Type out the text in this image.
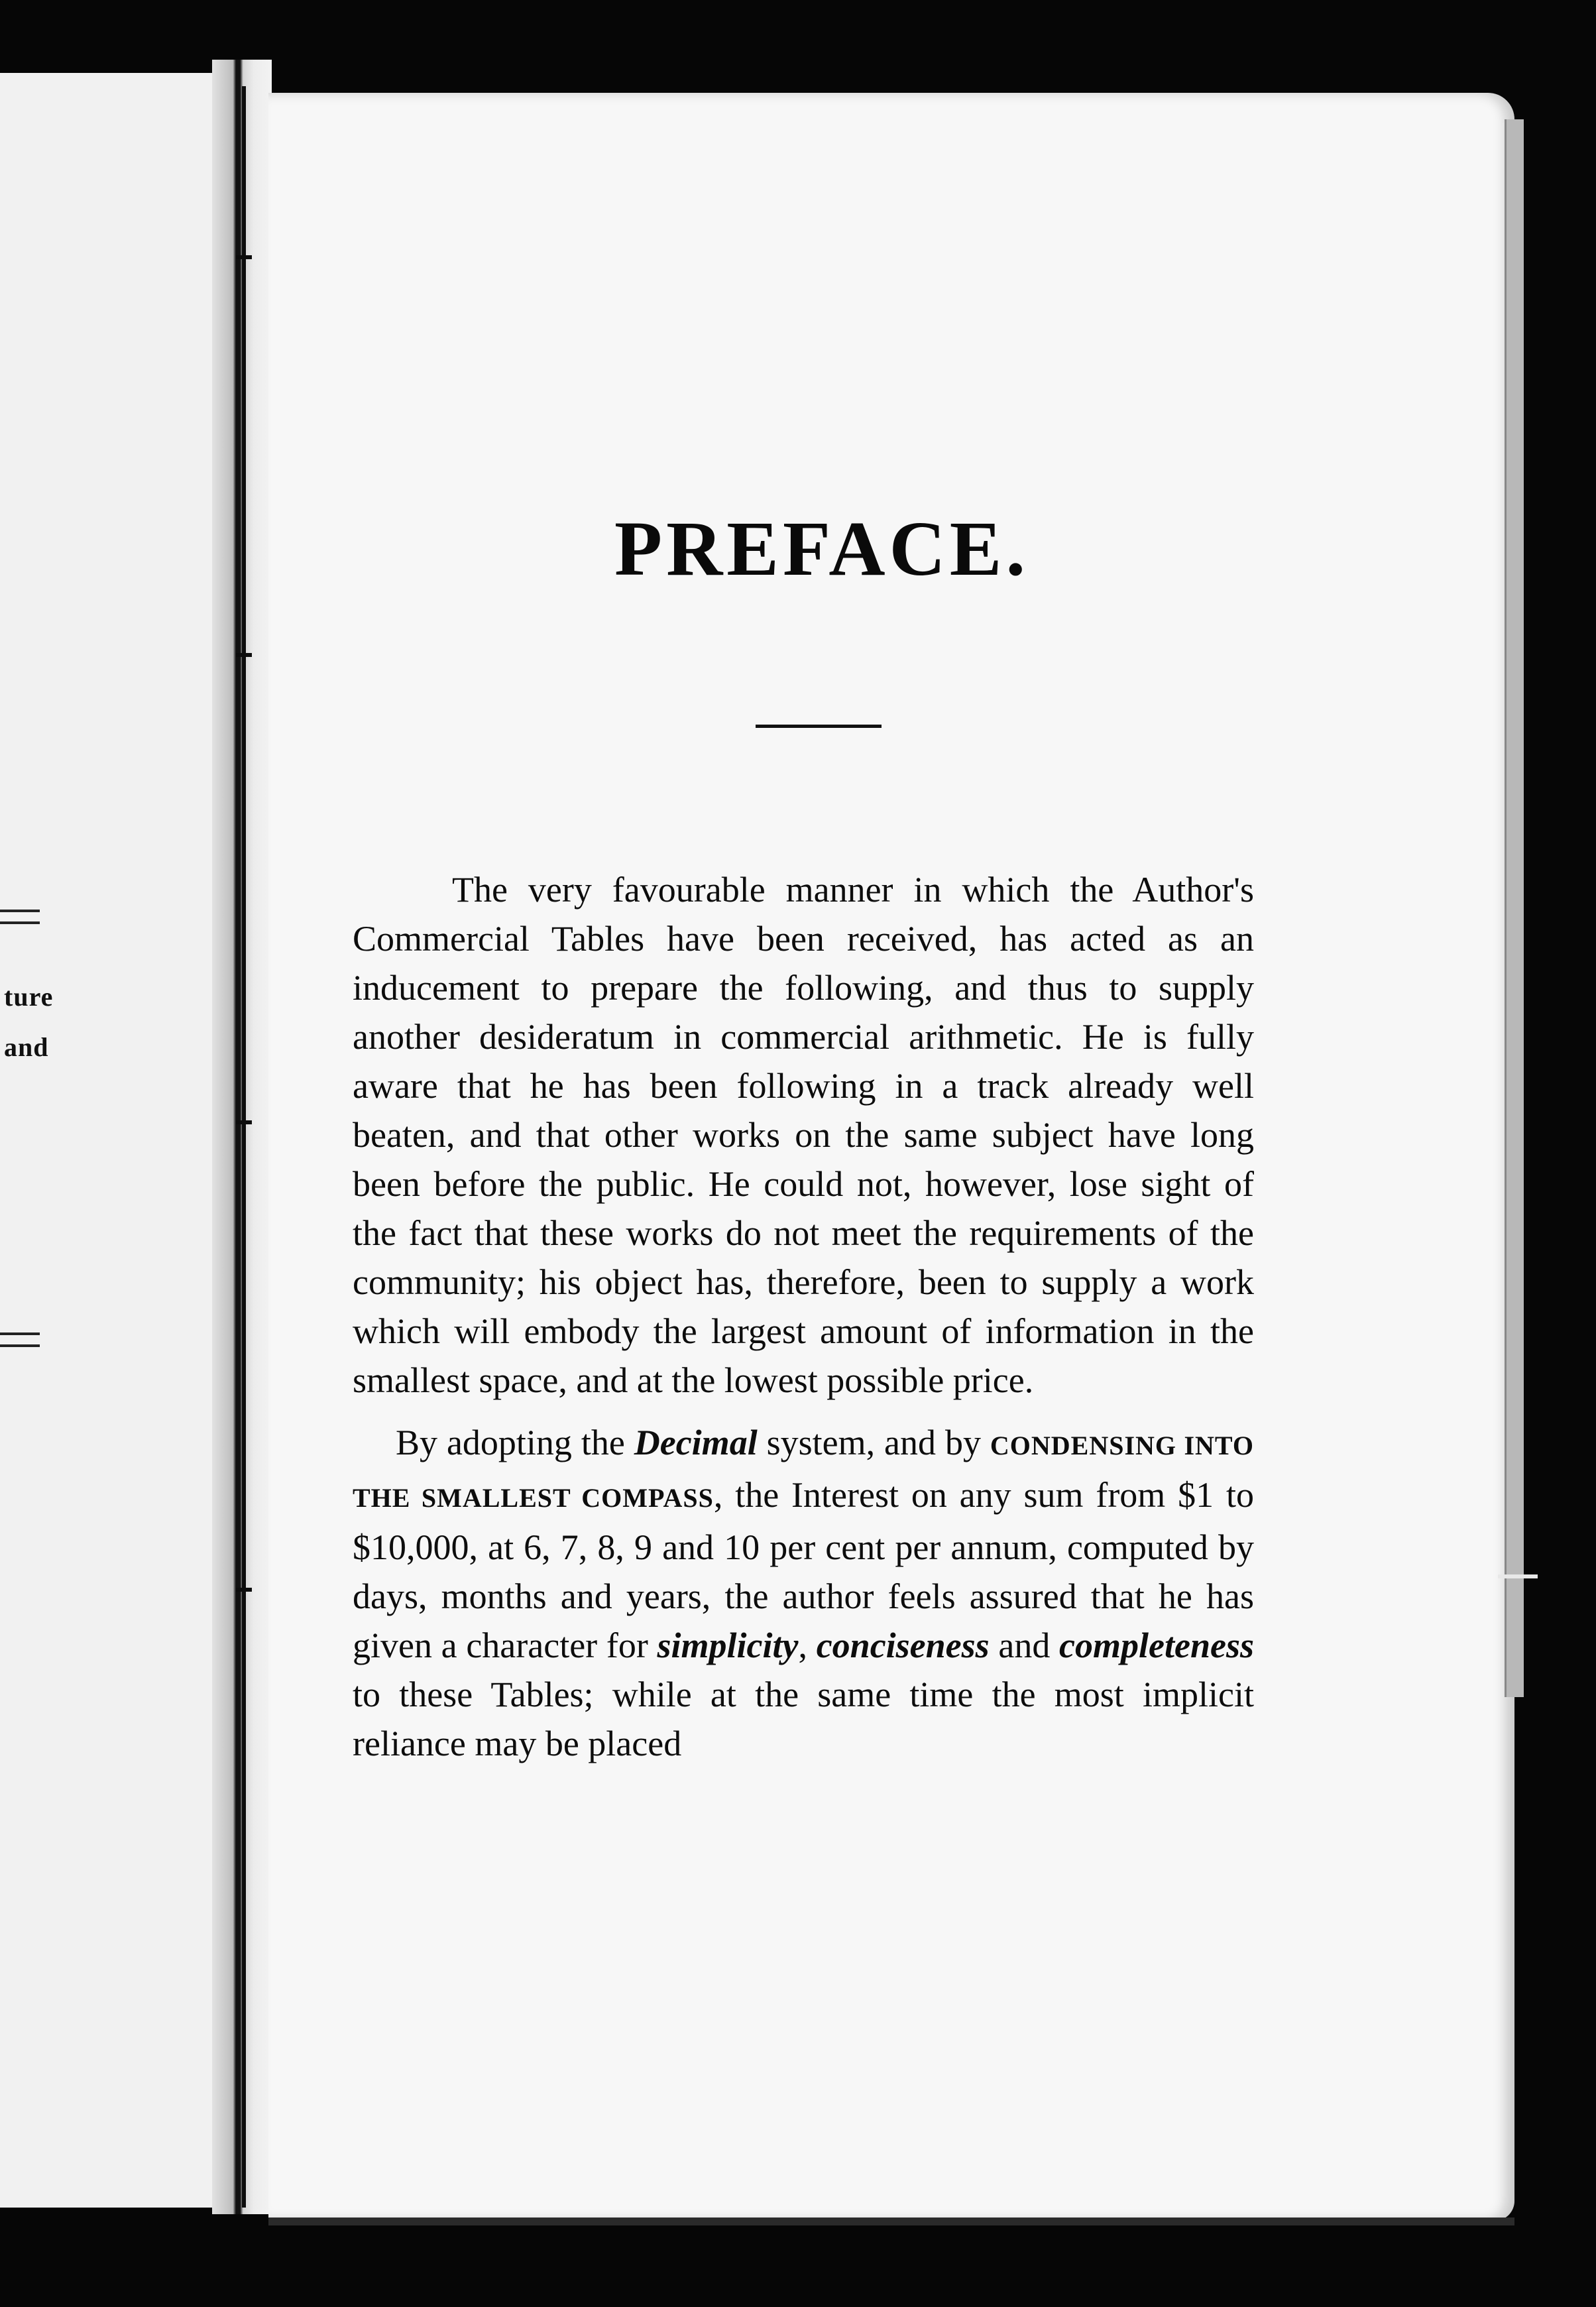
ture
and
PREFACE.

The very favourable manner in which the Author's Commercial Tables have been received, has acted as an inducement to prepare the following, and thus to supply another desideratum in commercial arithmetic. He is fully aware that he has been following in a track already well beaten, and that other works on the same subject have long been before the public. He could not, however, lose sight of the fact that these works do not meet the requirements of the community; his object has, therefore, been to supply a work which will embody the largest amount of information in the smallest space, and at the lowest possible price.

By adopting the Decimal system, and by CONDENSING INTO THE SMALLEST COMPASS, the Interest on any sum from $1 to $10,000, at 6, 7, 8, 9 and 10 per cent per annum, computed by days, months and years, the author feels assured that he has given a character for simplicity, conciseness and completeness to these Tables; while at the same time the most implicit reliance may be placed
